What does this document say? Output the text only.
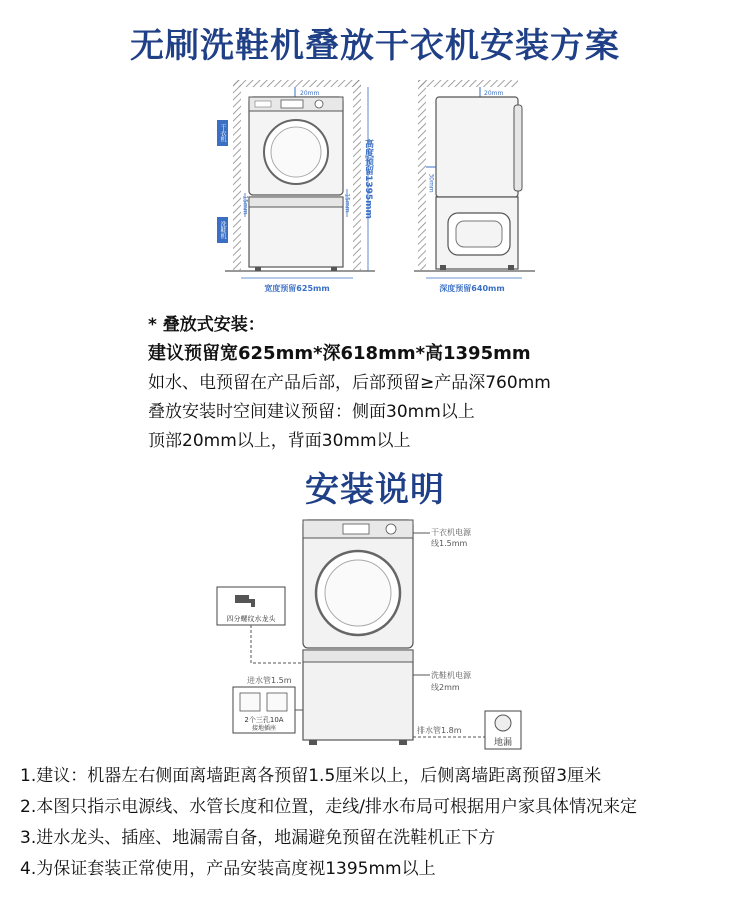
无刷洗鞋机叠放干衣机安装方案
20mm
干衣机
洗鞋机
15mm	15mm 高度预留1395mm
宽度预留625mm
20mm
30mm
深度预留640mm
* 叠放式安装：
建议预留宽625mm*深618mm*高1395mm
如水、电预留在产品后部，后部预留≥产品深760mm
叠放安装时空间建议预留：侧面30mm以上
顶部20mm以上，背面30mm以上
安装说明
干衣机电源
线1.5mm
四分螺纹水龙头
2个三孔10A
接地插座
进水管1.5m
洗鞋机电源
线2mm
排水管1.8m
地漏
1.建议：机器左右侧面离墙距离各预留1.5厘米以上，后侧离墙距离预留3厘米
2.本图只指示电源线、水管长度和位置，走线/排水布局可根据用户家具体情况来定
3.进水龙头、插座、地漏需自备，地漏避免预留在洗鞋机正下方
4.为保证套装正常使用，产品安装高度视1395mm以上
